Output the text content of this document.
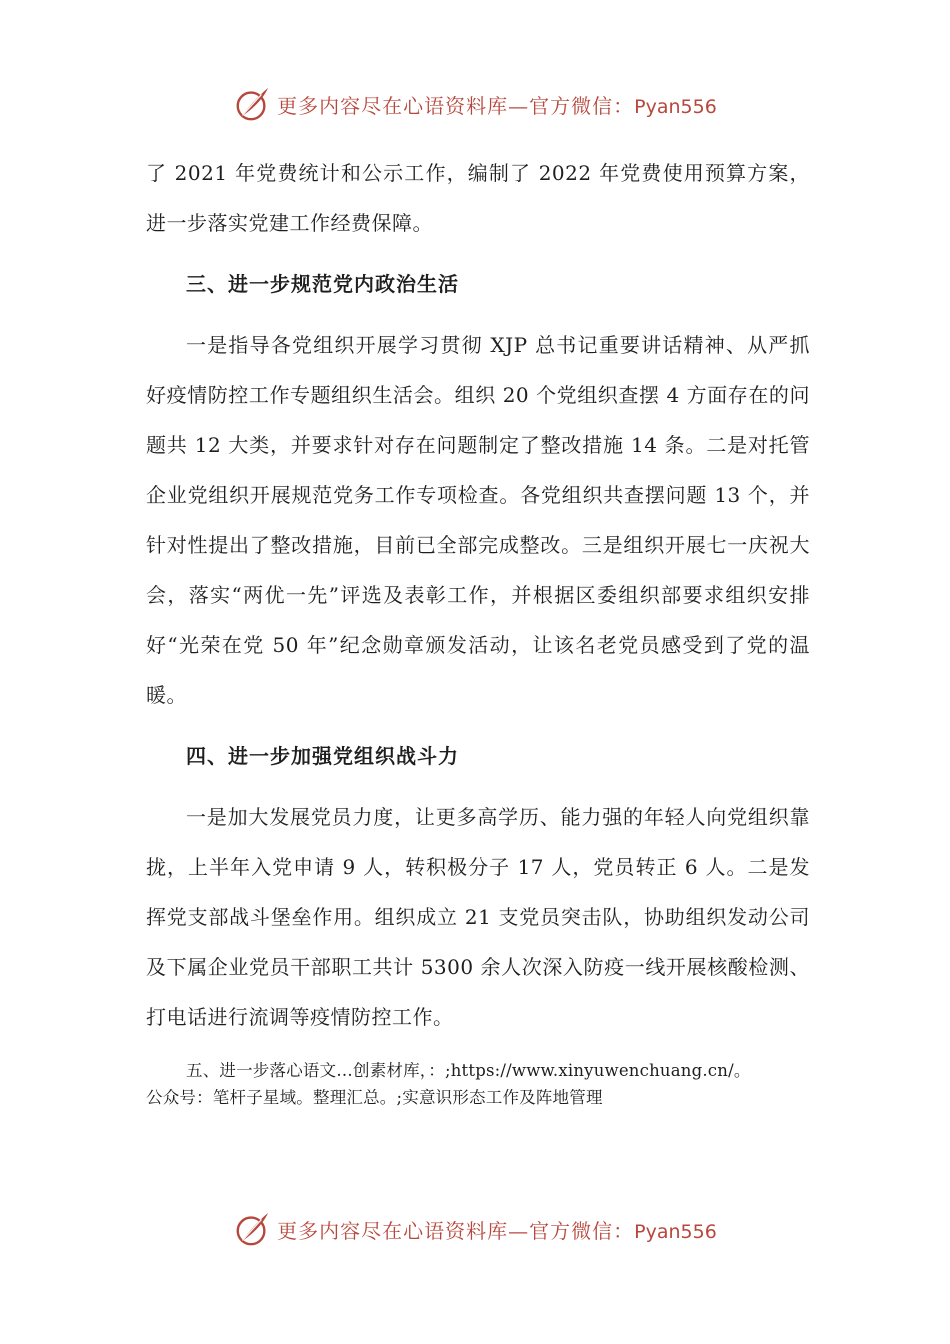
更多内容尽在心语资料库—官方微信：Pyan556

了 2021 年党费统计和公示工作，编制了 2022 年党费使用预算方案，进一步落实党建工作经费保障。

三、进一步规范党内政治生活

一是指导各党组织开展学习贯彻 XJP 总书记重要讲话精神、从严抓好疫情防控工作专题组织生活会。组织 20 个党组织查摆 4 方面存在的问题共 12 大类，并要求针对存在问题制定了整改措施 14 条。二是对托管企业党组织开展规范党务工作专项检查。各党组织共查摆问题 13 个，并针对性提出了整改措施，目前已全部完成整改。三是组织开展七一庆祝大会，落实“两优一先”评选及表彰工作，并根据区委组织部要求组织安排好“光荣在党 50 年”纪念勋章颁发活动，让该名老党员感受到了党的温暖。

四、进一步加强党组织战斗力

一是加大发展党员力度，让更多高学历、能力强的年轻人向党组织靠拢，上半年入党申请 9 人，转积极分子 17 人，党员转正 6 人。二是发挥党支部战斗堡垒作用。组织成立 21 支党员突击队，协助组织发动公司及下属企业党员干部职工共计 5300 余人次深入防疫一线开展核酸检测、打电话进行流调等疫情防控工作。

五、进一步落心语文…创素材库，：;https://www.xinyuwenchuang.cn/。
公众号：笔杆子星域。整理汇总。;实意识形态工作及阵地管理
更多内容尽在心语资料库—官方微信：Pyan556
